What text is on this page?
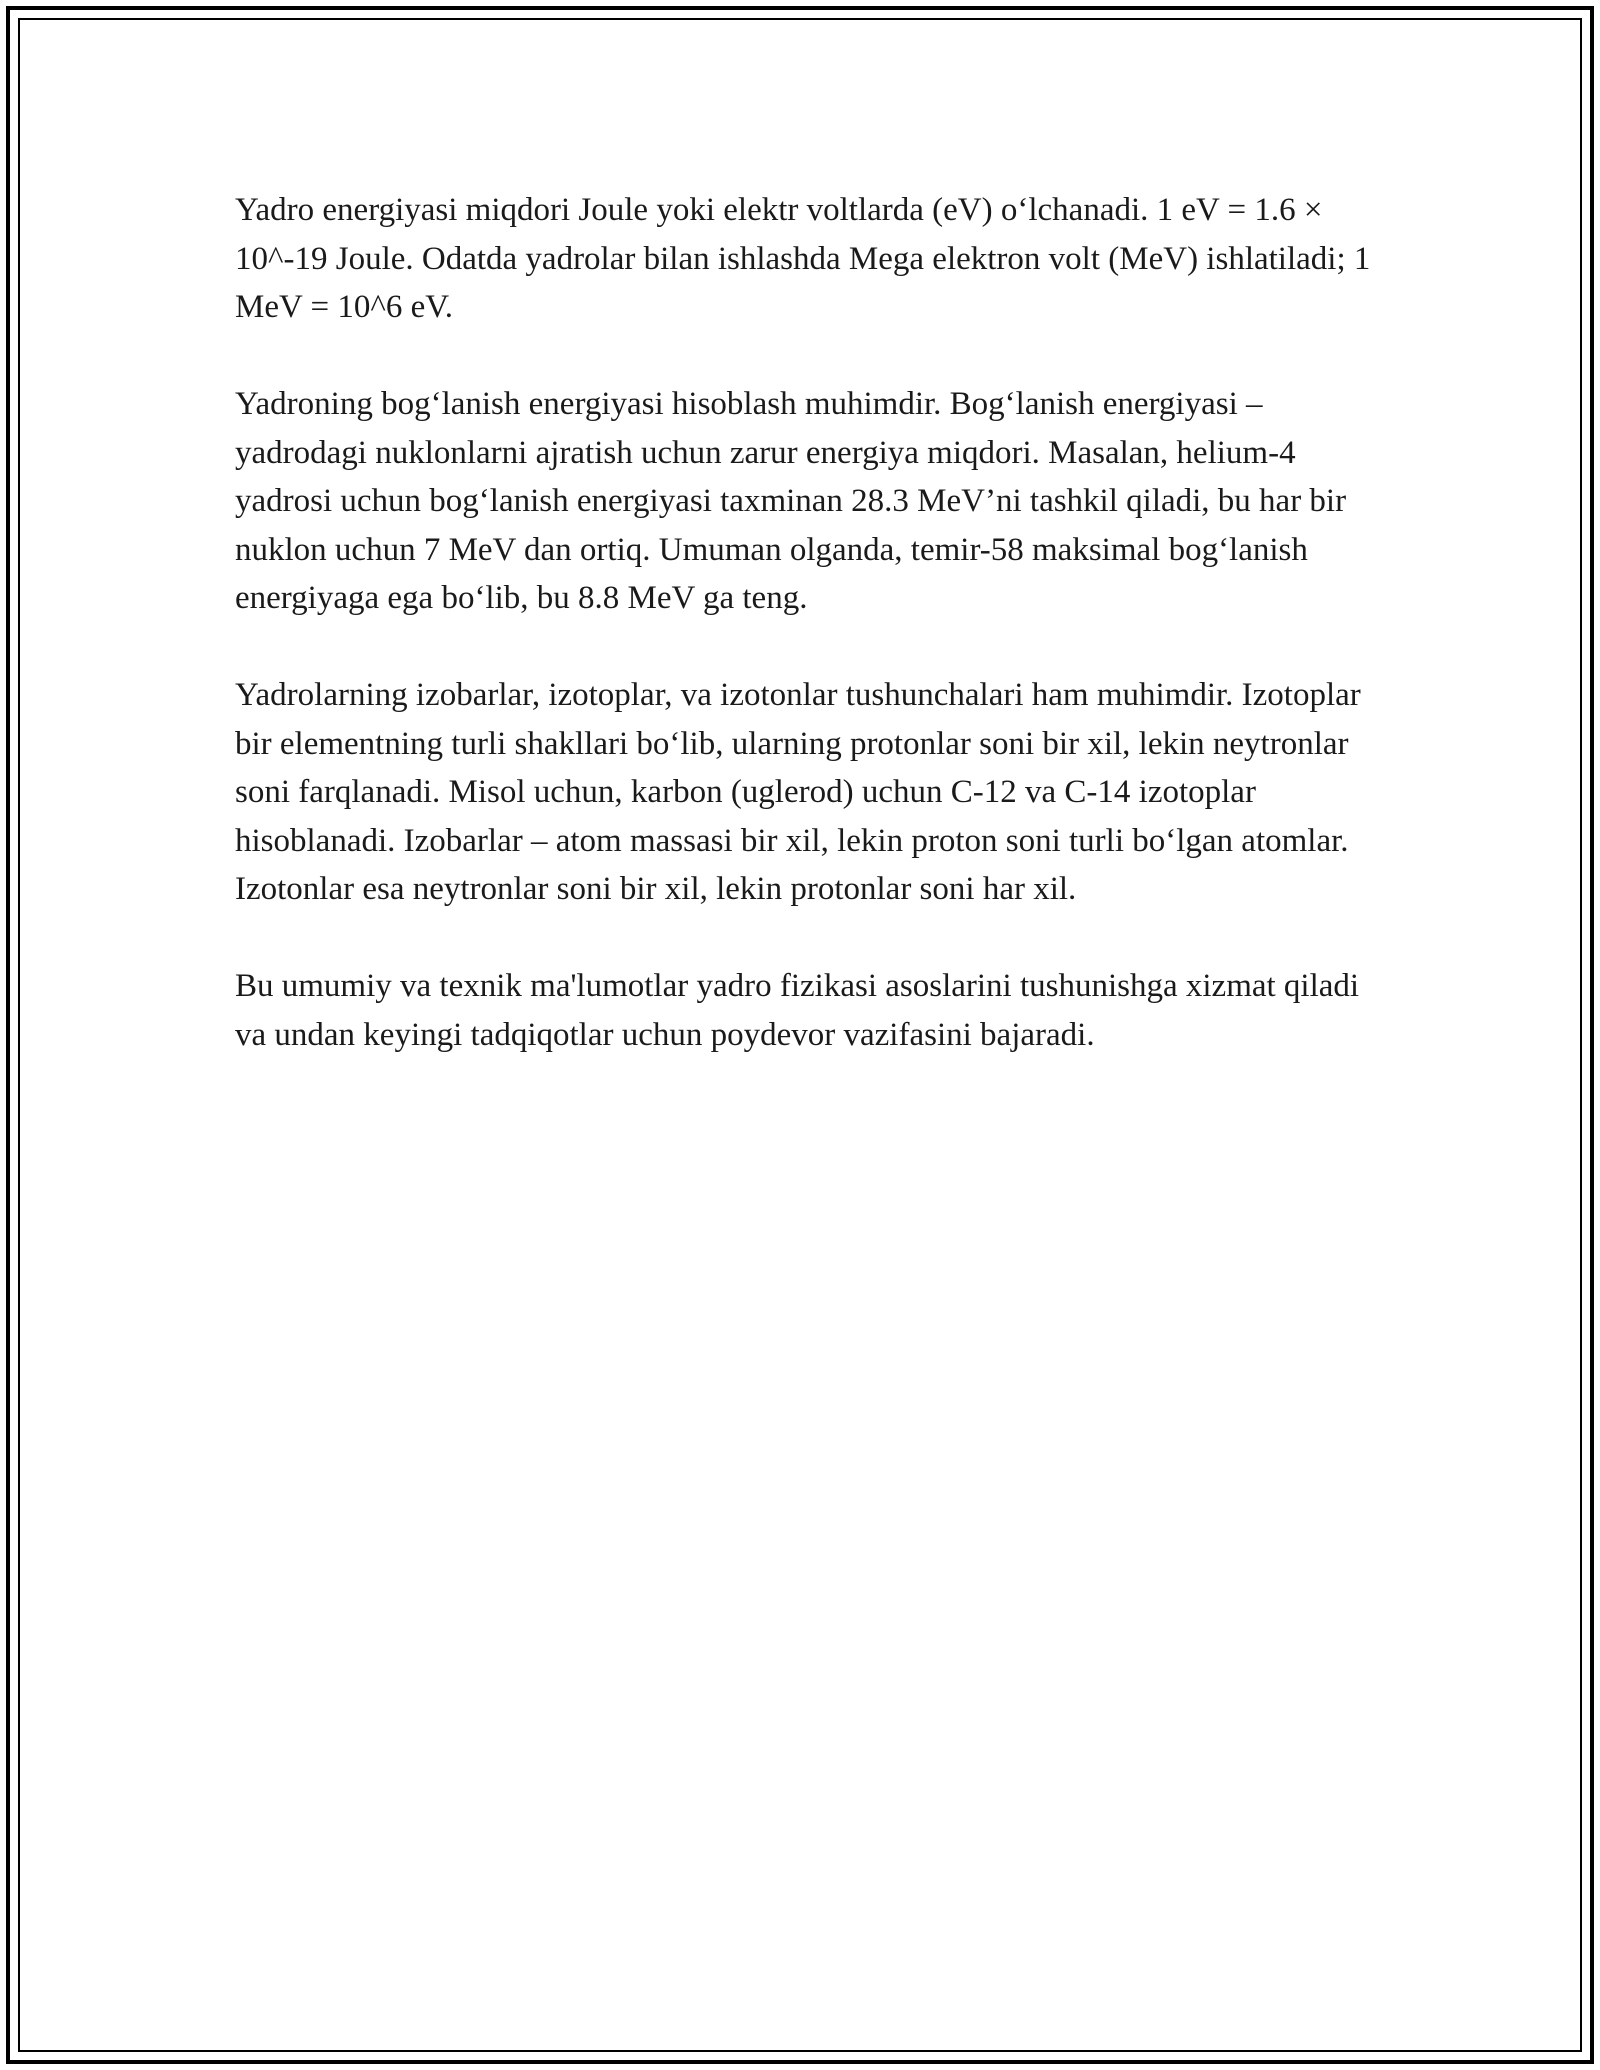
Yadro energiyasi miqdori Joule yoki elektr voltlarda (eV) o‘lchanadi. 1 eV = 1.6 × 10^-19 Joule. Odatda yadrolar bilan ishlashda Mega elektron volt (MeV) ishlatiladi; 1 MeV = 10^6 eV.

Yadroning bog‘lanish energiyasi hisoblash muhimdir. Bog‘lanish energiyasi – yadrodagi nuklonlarni ajratish uchun zarur energiya miqdori. Masalan, helium-4 yadrosi uchun bog‘lanish energiyasi taxminan 28.3 MeV’ni tashkil qiladi, bu har bir nuklon uchun 7 MeV dan ortiq. Umuman olganda, temir-58 maksimal bog‘lanish energiyaga ega bo‘lib, bu 8.8 MeV ga teng.

Yadrolarning izobarlar, izotoplar, va izotonlar tushunchalari ham muhimdir. Izotoplar bir elementning turli shakllari bo‘lib, ularning protonlar soni bir xil, lekin neytronlar soni farqlanadi. Misol uchun, karbon (uglerod) uchun C-12 va C-14 izotoplar hisoblanadi. Izobarlar – atom massasi bir xil, lekin proton soni turli bo‘lgan atomlar. Izotonlar esa neytronlar soni bir xil, lekin protonlar soni har xil.

Bu umumiy va texnik ma'lumotlar yadro fizikasi asoslarini tushunishga xizmat qiladi va undan keyingi tadqiqotlar uchun poydevor vazifasini bajaradi.
